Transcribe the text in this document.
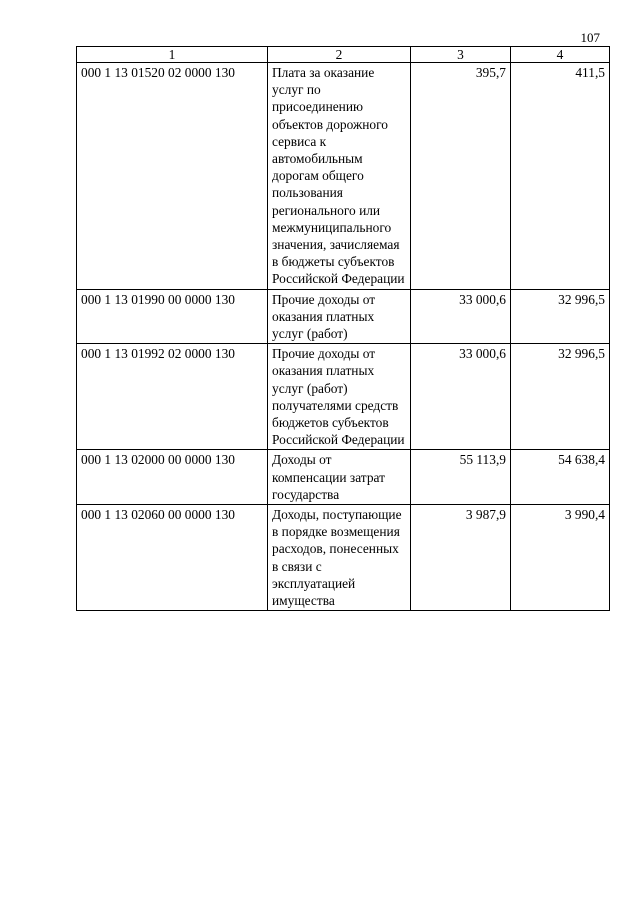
107
1	2	3	4
000 1 13 01520 02 0000 130	Плата за оказание услуг по присоединению объектов дорожного сервиса к автомобильным дорогам общего пользования регионального или межмуниципального значения, зачисляемая в бюджеты субъектов Российской Федерации	395,7	411,5
000 1 13 01990 00 0000 130	Прочие доходы от оказания платных услуг (работ)	33 000,6	32 996,5
000 1 13 01992 02 0000 130	Прочие доходы от оказания платных услуг (работ) получателями средств бюджетов субъектов Российской Федерации	33 000,6	32 996,5
000 1 13 02000 00 0000 130	Доходы от компенсации затрат государства	55 113,9	54 638,4
000 1 13 02060 00 0000 130	Доходы, поступающие в порядке возмещения расходов, понесенных в связи с эксплуатацией имущества	3 987,9	3 990,4
